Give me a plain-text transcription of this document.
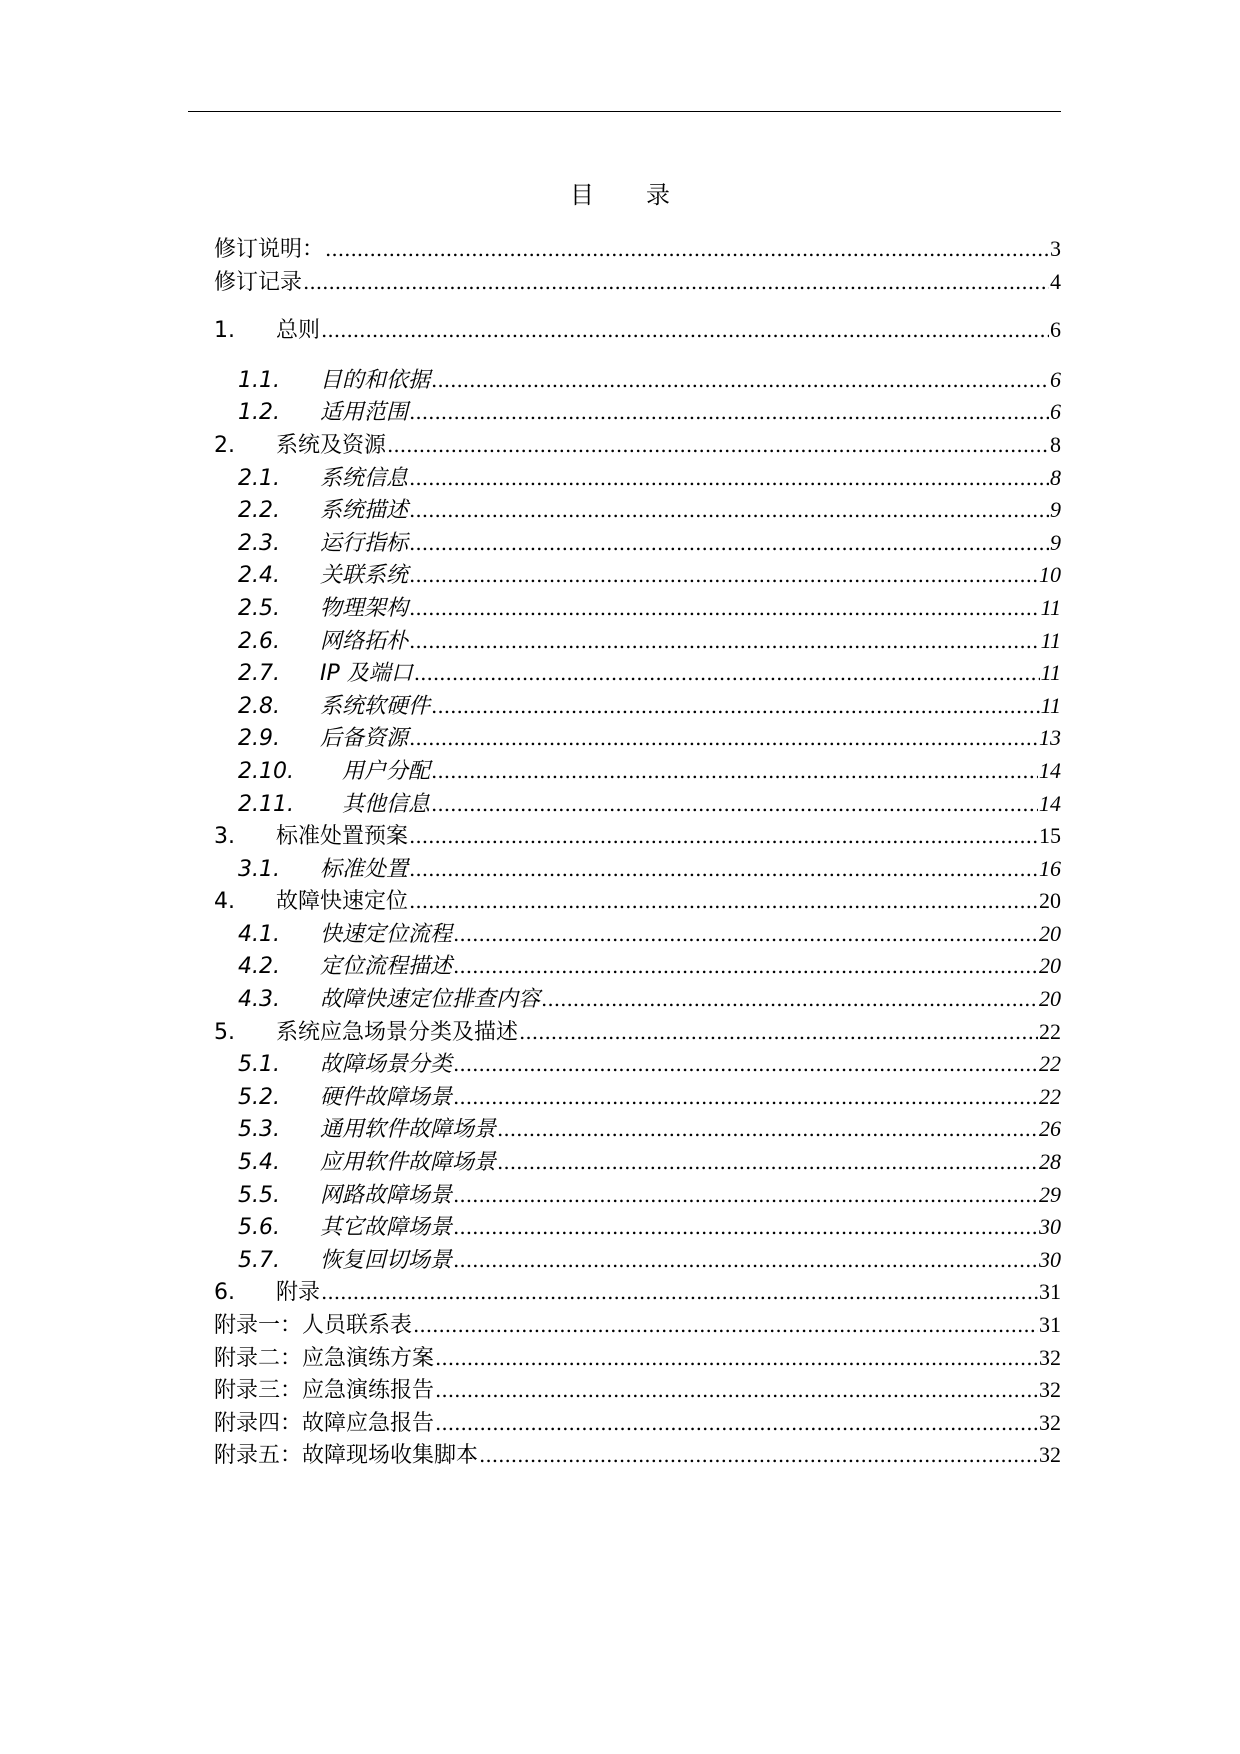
目 录
修订说明： .....	3
修订记录 .....	4
1.	总则 .....	6
1.1.	目的和依据 .....	6
1.2.	适用范围 .....	6
2.	系统及资源 .....	8
2.1.	系统信息 .....	8
2.2.	系统描述 .....	9
2.3.	运行指标 .....	9
2.4.	关联系统 .....	10
2.5.	物理架构 .....	11
2.6.	网络拓朴 .....	11
2.7.	IP 及端口 .....	11
2.8.	系统软硬件 .....	11
2.9.	后备资源 .....	13
2.10.	用户分配 .....	14
2.11.	其他信息 .....	14
3.	标准处置预案 .....	15
3.1.	标准处置 .....	16
4.	故障快速定位 .....	20
4.1.	快速定位流程 .....	20
4.2.	定位流程描述 .....	20
4.3.	故障快速定位排查内容 .....	20
5.	系统应急场景分类及描述 .....	22
5.1.	故障场景分类 .....	22
5.2.	硬件故障场景 .....	22
5.3.	通用软件故障场景 .....	26
5.4.	应用软件故障场景 .....	28
5.5.	网路故障场景 .....	29
5.6.	其它故障场景 .....	30
5.7.	恢复回切场景 .....	30
6.	附录 .....	31
附录一：人员联系表 .....	31
附录二：应急演练方案 .....	32
附录三：应急演练报告 .....	32
附录四：故障应急报告 .....	32
附录五：故障现场收集脚本 .....	32
